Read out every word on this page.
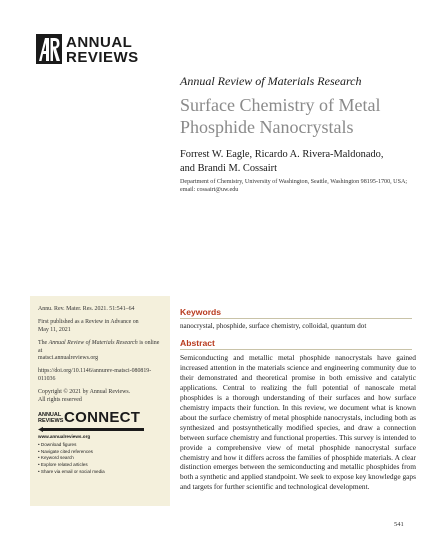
ANNUAL
REVIEWS
Annual Review of Materials Research
Surface Chemistry of Metal Phosphide Nanocrystals
Forrest W. Eagle, Ricardo A. Rivera-Maldonado,
and Brandi M. Cossairt
Department of Chemistry, University of Washington, Seattle, Washington 98195-1700, USA;
email: cossairt@uw.edu
Annu. Rev. Mater. Res. 2021. 51:541–64
First published as a Review in Advance on
May 11, 2021
The Annual Review of Materials Research is online at
matsci.annualreviews.org
https://doi.org/10.1146/annurev-matsci-080819-
011036
Copyright © 2021 by Annual Reviews.
All rights reserved
ANNUAL
REVIEWS CONNECT
www.annualreviews.org
• Download figures
• Navigate cited references
• Keyword search
• Explore related articles
• Share via email or social media
Keywords
nanocrystal, phosphide, surface chemistry, colloidal, quantum dot
Abstract
Semiconducting and metallic metal phosphide nanocrystals have gained increased attention in the materials science and engineering community due to their demonstrated and theoretical promise in both emissive and catalytic applications. Central to realizing the full potential of nanoscale metal phosphides is a thorough understanding of their surfaces and how surface chemistry impacts their function. In this review, we document what is known about the surface chemistry of metal phosphide nanocrystals, including both as synthesized and postsynthetically modified species, and draw a connection between surface chemistry and functional properties. This survey is intended to provide a comprehensive view of metal phosphide nanocrystal surface chemistry and how it differs across the families of phosphide materials. A clear distinction emerges between the semiconducting and metallic phosphides from both a synthetic and applied standpoint. We seek to expose key knowledge gaps and targets for further scientific and technological development.
541
